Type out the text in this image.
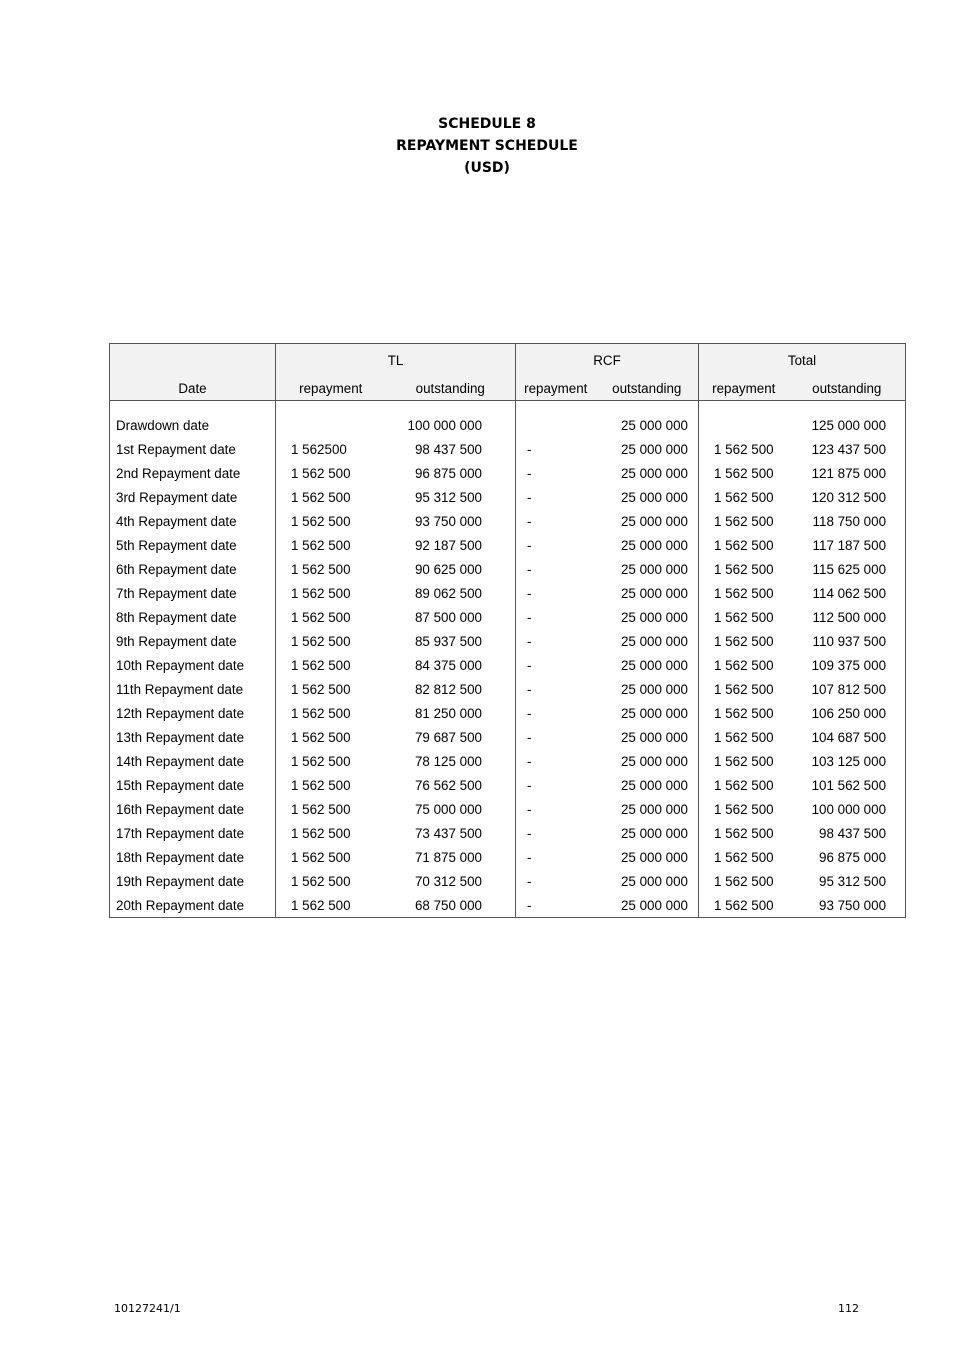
SCHEDULE 8
REPAYMENT SCHEDULE
(USD)
	TL		RCF		Total	
Date	repayment	outstanding	repayment	outstanding	repayment	outstanding

Drawdown date		100 000 000		25 000 000		125 000 000
1st Repayment date	1 562500	98 437 500	-	25 000 000	1 562 500	123 437 500
2nd Repayment date	1 562 500	96 875 000	-	25 000 000	1 562 500	121 875 000
3rd Repayment date	1 562 500	95 312 500	-	25 000 000	1 562 500	120 312 500
4th Repayment date	1 562 500	93 750 000	-	25 000 000	1 562 500	118 750 000
5th Repayment date	1 562 500	92 187 500	-	25 000 000	1 562 500	117 187 500
6th Repayment date	1 562 500	90 625 000	-	25 000 000	1 562 500	115 625 000
7th Repayment date	1 562 500	89 062 500	-	25 000 000	1 562 500	114 062 500
8th Repayment date	1 562 500	87 500 000	-	25 000 000	1 562 500	112 500 000
9th Repayment date	1 562 500	85 937 500	-	25 000 000	1 562 500	110 937 500
10th Repayment date	1 562 500	84 375 000	-	25 000 000	1 562 500	109 375 000
11th Repayment date	1 562 500	82 812 500	-	25 000 000	1 562 500	107 812 500
12th Repayment date	1 562 500	81 250 000	-	25 000 000	1 562 500	106 250 000
13th Repayment date	1 562 500	79 687 500	-	25 000 000	1 562 500	104 687 500
14th Repayment date	1 562 500	78 125 000	-	25 000 000	1 562 500	103 125 000
15th Repayment date	1 562 500	76 562 500	-	25 000 000	1 562 500	101 562 500
16th Repayment date	1 562 500	75 000 000	-	25 000 000	1 562 500	100 000 000
17th Repayment date	1 562 500	73 437 500	-	25 000 000	1 562 500	98 437 500
18th Repayment date	1 562 500	71 875 000	-	25 000 000	1 562 500	96 875 000
19th Repayment date	1 562 500	70 312 500	-	25 000 000	1 562 500	95 312 500
20th Repayment date	1 562 500	68 750 000	-	25 000 000	1 562 500	93 750 000
10127241/1	112
